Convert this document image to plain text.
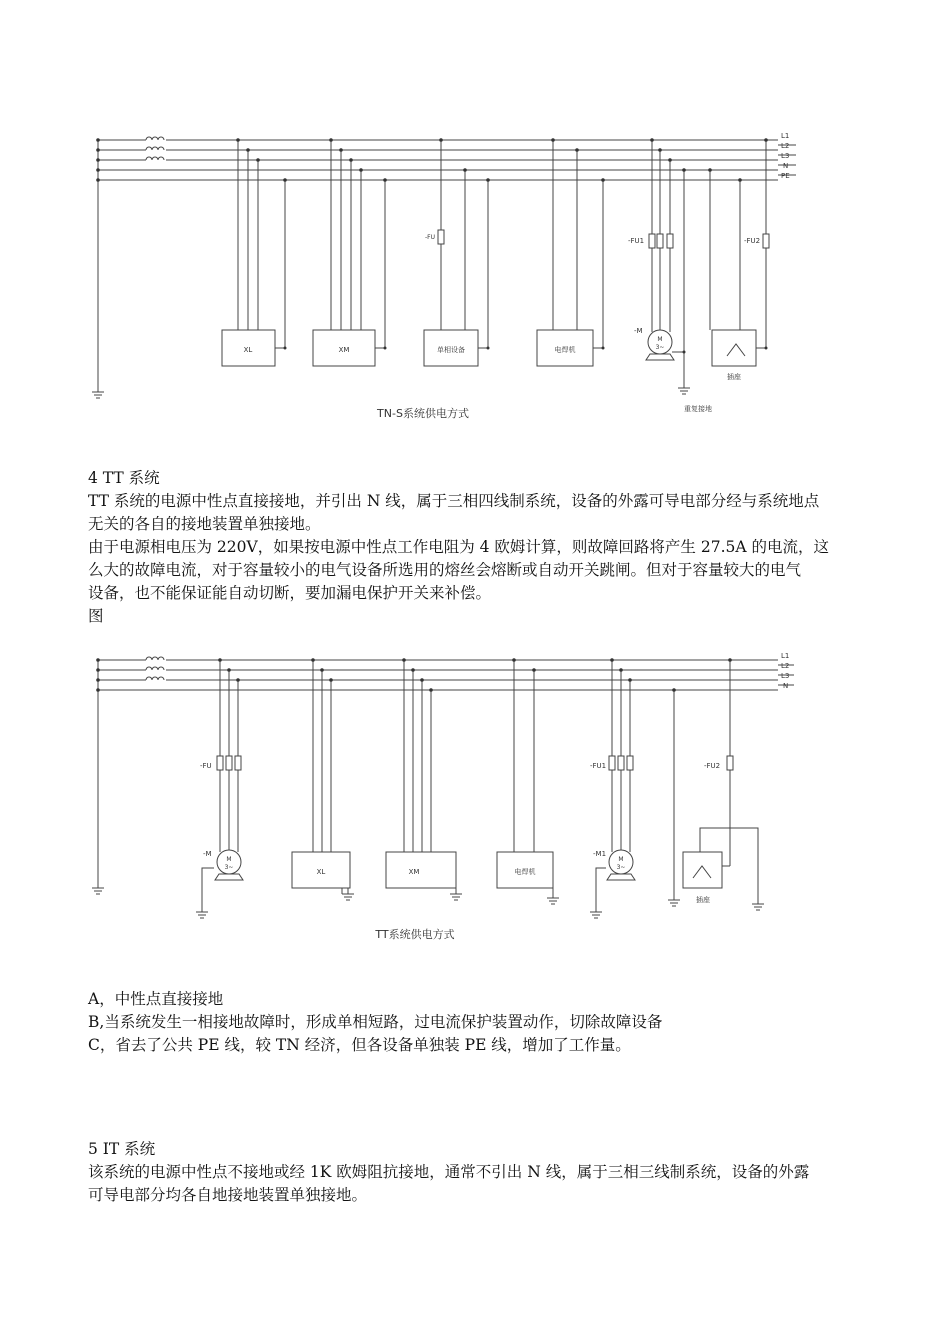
L1
L2
L3
N
PE
XL	XM	单相设备	电焊机
-FU	-FU1	-FU2
-M
M
3~
插座
重复接地
TN-S系统供电方式
4 TT 系统
TT 系统的电源中性点直接接地，并引出 N 线，属于三相四线制系统，设备的外露可导电部分经与系统地点
无关的各自的接地装置单独接地。
由于电源相电压为 220V，如果按电源中性点工作电阻为 4 欧姆计算，则故障回路将产生 27.5A 的电流，这
么大的故障电流，对于容量较小的电气设备所选用的熔丝会熔断或自动开关跳闸。但对于容量较大的电气
设备，也不能保证能自动切断，要加漏电保护开关来补偿。
图
L1
L2
L3
N
-FU	-FU1	-FU2
-M	-M1
M
3~
M
3~
XL	XM	电焊机
插座
TT系统供电方式
A，中性点直接接地
B,当系统发生一相接地故障时，形成单相短路，过电流保护装置动作，切除故障设备
C，省去了公共 PE 线，较 TN 经济，但各设备单独装 PE 线，增加了工作量。
5 IT 系统
该系统的电源中性点不接地或经 1K 欧姆阻抗接地，通常不引出 N 线，属于三相三线制系统，设备的外露
可导电部分均各自地接地装置单独接地。
